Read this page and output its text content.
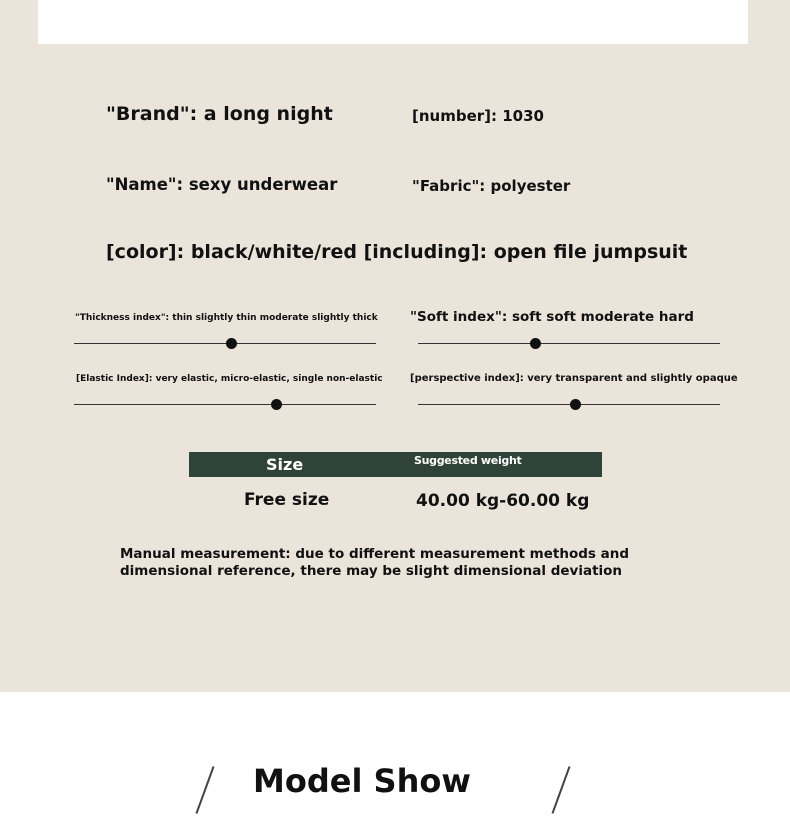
"Brand": a long night	[number]: 1030
"Name": sexy underwear	"Fabric": polyester
[color]: black/white/red [including]: open file jumpsuit
"Thickness index": thin slightly thin moderate slightly thick "Soft index": soft soft moderate hard
[Elastic Index]: very elastic, micro-elastic, single non-elastic	[perspective index]: very transparent and slightly opaque
Size	Suggested weight
Free size	40.00 kg-60.00 kg
Manual measurement: due to different measurement methods and dimensional reference, there may be slight dimensional deviation
Model Show
